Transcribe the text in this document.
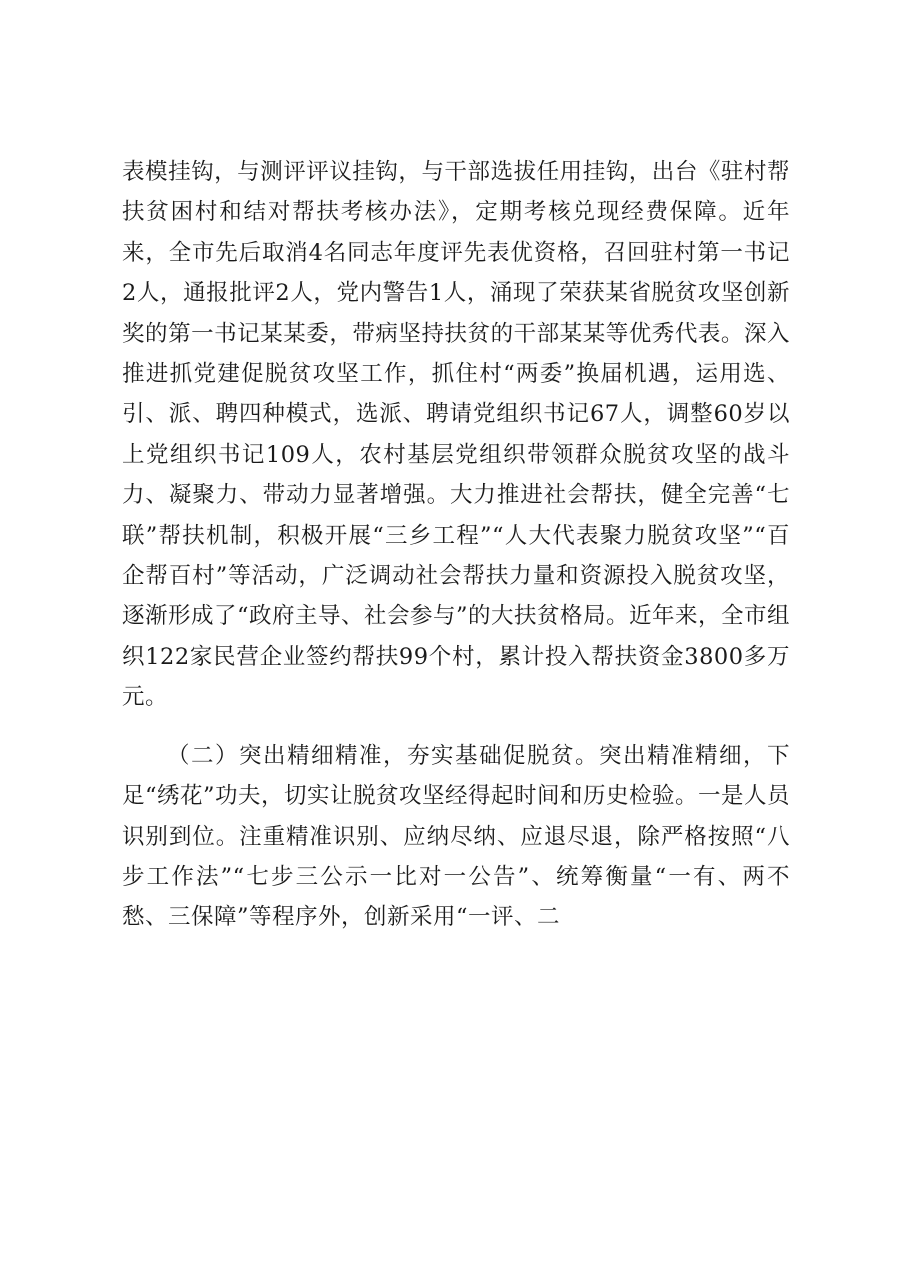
表模挂钩，与测评评议挂钩，与干部选拔任用挂钩，出台《驻村帮扶贫困村和结对帮扶考核办法》，定期考核兑现经费保障。近年来，全市先后取消4名同志年度评先表优资格，召回驻村第一书记2人，通报批评2人，党内警告1人，涌现了荣获某省脱贫攻坚创新奖的第一书记某某委，带病坚持扶贫的干部某某等优秀代表。深入推进抓党建促脱贫攻坚工作，抓住村“两委”换届机遇，运用选、引、派、聘四种模式，选派、聘请党组织书记67人，调整60岁以上党组织书记109人，农村基层党组织带领群众脱贫攻坚的战斗力、凝聚力、带动力显著增强。大力推进社会帮扶，健全完善“七联”帮扶机制，积极开展“三乡工程”“人大代表聚力脱贫攻坚”“百企帮百村”等活动，广泛调动社会帮扶力量和资源投入脱贫攻坚，逐渐形成了“政府主导、社会参与”的大扶贫格局。近年来，全市组织122家民营企业签约帮扶99个村，累计投入帮扶资金3800多万元。

（二）突出精细精准，夯实基础促脱贫。突出精准精细，下足“绣花”功夫，切实让脱贫攻坚经得起时间和历史检验。一是人员识别到位。注重精准识别、应纳尽纳、应退尽退，除严格按照“八步工作法”“七步三公示一比对一公告”、统筹衡量“一有、两不愁、三保障”等程序外，创新采用“一评、二
